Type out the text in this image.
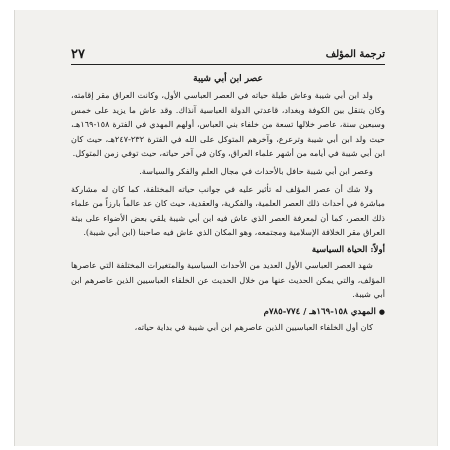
ترجمة المؤلف
٢٧
عصر ابن أبي شيبة

ولد ابن أبي شيبة وعاش طيلة حياته في العصر العباسي الأول، وكانت العراق مقر إقامته، وكان يتنقل بين الكوفة وبغداد، قاعدتي الدولة العباسية آنذاك. وقد عاش ما يزيد على خمس وسبعين سنة، عاصر خلالها تسعة من خلفاء بني العباس، أولهم المهدي في الفترة ١٥٨-١٦٩هـ، حيث ولد ابن أبي شيبة وترعرع، وآخرهم المتوكل على الله في الفترة ٢٣٢-٢٤٧هـ، حيث كان ابن أبي شيبة في أيامه من أشهر علماء العراق، وكان في آخر حياته، حيث توفي زمن المتوكل.

وعصر ابن أبي شيبة حافل بالأحداث في مجال العلم والفكر والسياسة.

ولا شك أن عصر المؤلف له تأثير عليه في جوانب حياته المختلفة، كما كان له مشاركة مباشرة في أحداث ذلك العصر العلمية، والفكرية، والعقدية، حيث كان عد عالماً بارزاً من علماء ذلك العصر، كما أن لمعرفة العصر الذي عاش فيه ابن أبي شيبة يلقي بعض الأضواء على بيئة العراق مقر الخلافة الإسلامية ومجتمعه، وهو المكان الذي عاش فيه صاحبنا (ابن أبي شيبة).

أولاً: الحياة السياسية

شهد العصر العباسي الأول العديد من الأحداث السياسية والمتغيرات المختلفة التي عاصرها المؤلف، والتي يمكن الحديث عنها من خلال الحديث عن الخلفاء العباسيين الذين عاصرهم ابن أبي شيبة.

●المهدي ١٥٨-١٦٩هـ / ٧٧٤-٧٨٥م

كان أول الخلفاء العباسيين الذين عاصرهم ابن أبي شيبة في بداية حياته،
